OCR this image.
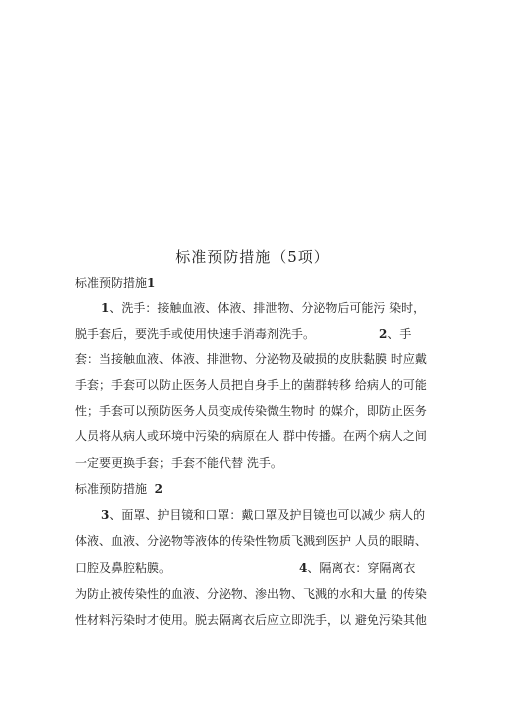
标准预防措施（5项）
标准预防措施1
1、洗手：接触血液、体液、排泄物、分泌物后可能污 染时，
脱手套后，要洗手或使用快速手消毒剂洗手。	2、手
套：当接触血液、体液、排泄物、分泌物及破损的皮肤黏膜 时应戴
手套；手套可以防止医务人员把自身手上的菌群转移 给病人的可能
性；手套可以预防医务人员变成传染微生物时 的媒介，即防止医务
人员将从病人或环境中污染的病原在人 群中传播。在两个病人之间
一定要更换手套；手套不能代替 洗手。
标准预防措施 2
3、面罩、护目镜和口罩：戴口罩及护目镜也可以减少 病人的
体液、血液、分泌物等液体的传染性物质飞溅到医护 人员的眼睛、
口腔及鼻腔粘膜。	4、隔离衣：穿隔离衣
为防止被传染性的血液、分泌物、渗出物、飞溅的水和大量 的传染
性材料污染时才使用。脱去隔离衣后应立即洗手，以 避免污染其他
